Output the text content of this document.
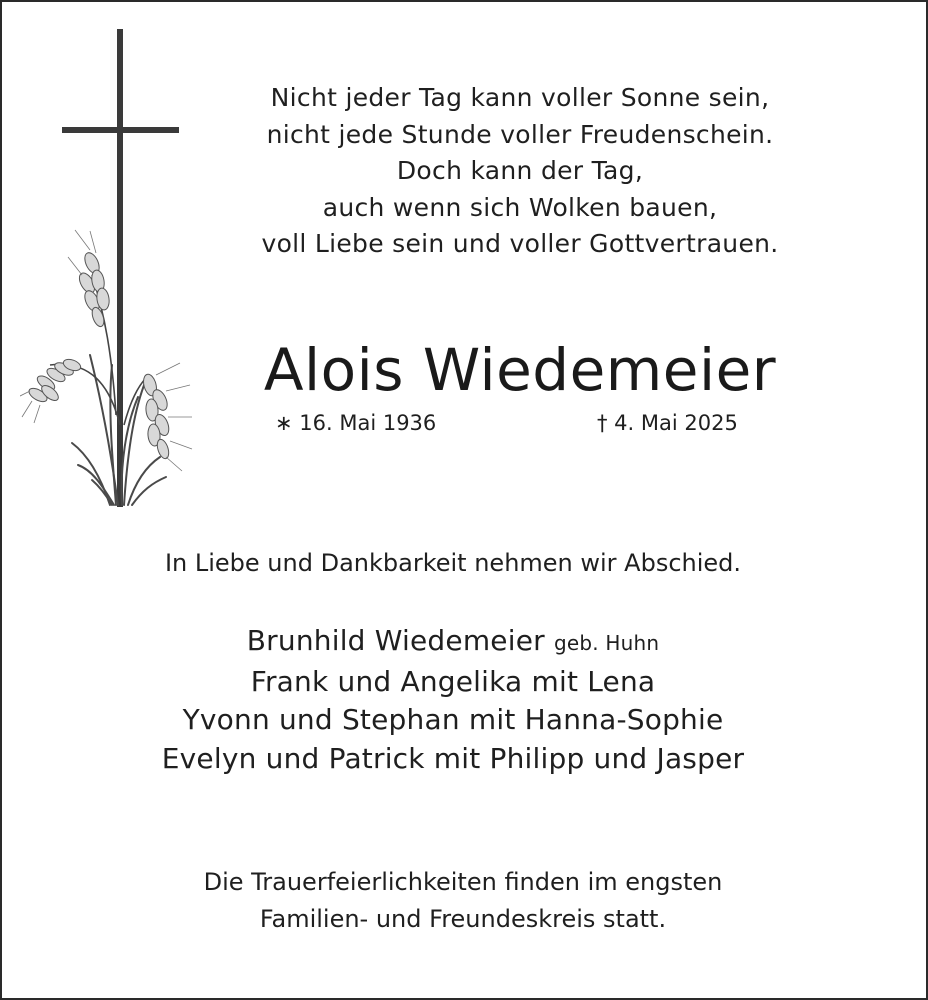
Nicht jeder Tag kann voller Sonne sein,
nicht jede Stunde voller Freudenschein.
Doch kann der Tag,
auch wenn sich Wolken bauen,
voll Liebe sein und voller Gottvertrauen.
Alois Wiedemeier
∗ 16. Mai 1936	† 4. Mai 2025
In Liebe und Dankbarkeit nehmen wir Abschied.
Brunhild Wiedemeier geb. Huhn
Frank und Angelika mit Lena
Yvonn und Stephan mit Hanna-Sophie
Evelyn und Patrick mit Philipp und Jasper
Die Trauerfeierlichkeiten finden im engsten
Familien- und Freundeskreis statt.
